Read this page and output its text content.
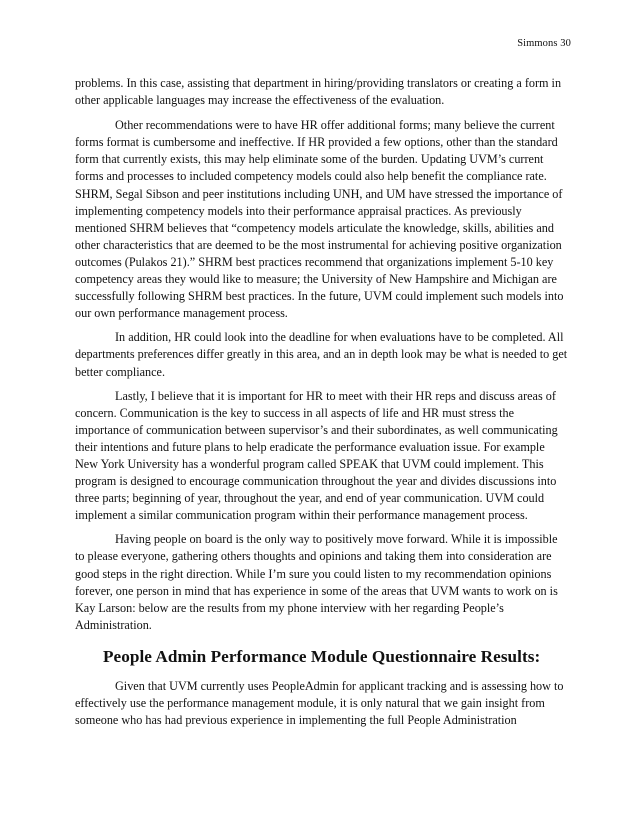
Simmons 30

problems. In this case, assisting that department in hiring/providing translators or creating a form in other applicable languages may increase the effectiveness of the evaluation.

Other recommendations were to have HR offer additional forms; many believe the current forms format is cumbersome and ineffective. If HR provided a few options, other than the standard form that currently exists, this may help eliminate some of the burden. Updating UVM’s current forms and processes to included competency models could also help benefit the compliance rate. SHRM, Segal Sibson and peer institutions including UNH, and UM have stressed the importance of implementing competency models into their performance appraisal practices. As previously mentioned SHRM believes that “competency models articulate the knowledge, skills, abilities and other characteristics that are deemed to be the most instrumental for achieving positive organization outcomes (Pulakos 21).” SHRM best practices recommend that organizations implement 5-10 key competency areas they would like to measure; the University of New Hampshire and Michigan are successfully following SHRM best practices. In the future, UVM could implement such models into our own performance management process.

In addition, HR could look into the deadline for when evaluations have to be completed. All departments preferences differ greatly in this area, and an in depth look may be what is needed to get better compliance.

Lastly, I believe that it is important for HR to meet with their HR reps and discuss areas of concern. Communication is the key to success in all aspects of life and HR must stress the importance of communication between supervisor’s and their subordinates, as well communicating their intentions and future plans to help eradicate the performance evaluation issue. For example New York University has a wonderful program called SPEAK that UVM could implement. This program is designed to encourage communication throughout the year and divides discussions into three parts; beginning of year, throughout the year, and end of year communication. UVM could implement a similar communication program within their performance management process.

Having people on board is the only way to positively move forward. While it is impossible to please everyone, gathering others thoughts and opinions and taking them into consideration are good steps in the right direction. While I’m sure you could listen to my recommendation opinions forever, one person in mind that has experience in some of the areas that UVM wants to work on is Kay Larson: below are the results from my phone interview with her regarding People’s Administration.

People Admin Performance Module Questionnaire Results:

Given that UVM currently uses PeopleAdmin for applicant tracking and is assessing how to effectively use the performance management module, it is only natural that we gain insight from someone who has had previous experience in implementing the full People Administration
